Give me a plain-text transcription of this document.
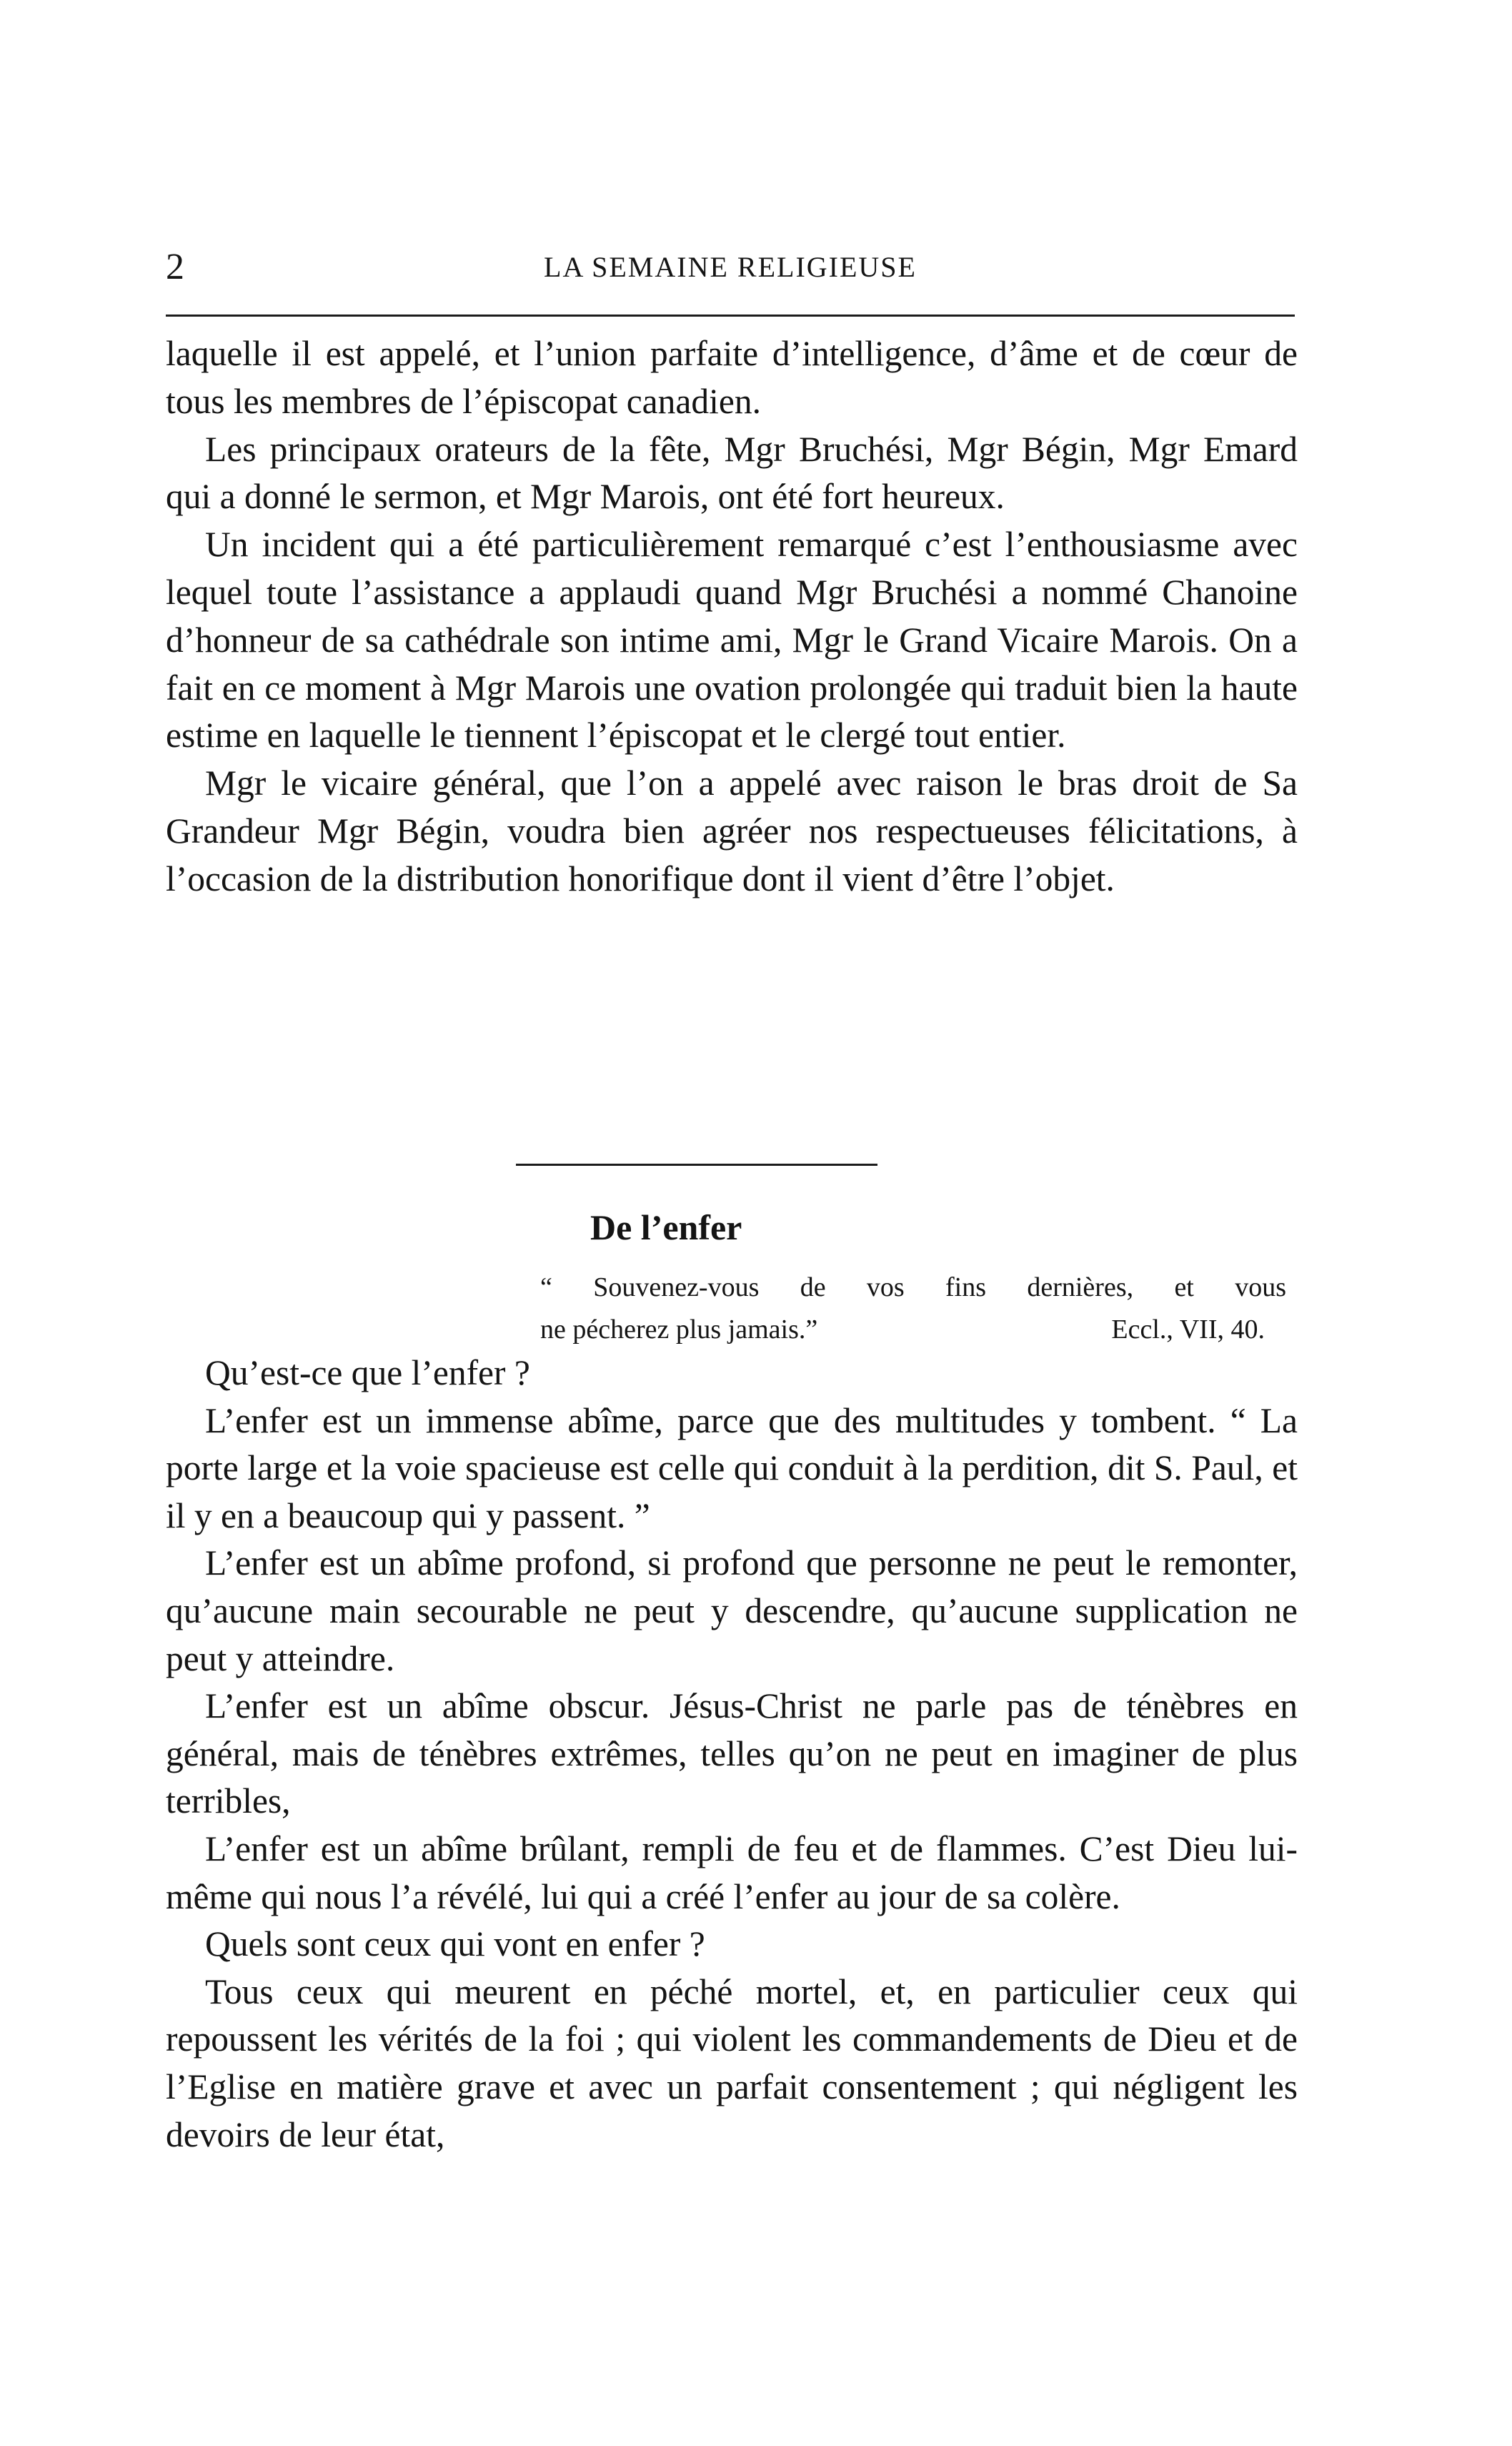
2	LA SEMAINE RELIGIEUSE

laquelle il est appelé, et l’union parfaite d’intelligence, d’âme et de cœur de tous les membres de l’épiscopat canadien.

Les principaux orateurs de la fête, Mgr Bruchési, Mgr Bégin, Mgr Emard qui a donné le sermon, et Mgr Marois, ont été fort heureux.

Un incident qui a été particulièrement remarqué c’est l’enthousiasme avec lequel toute l’assistance a applaudi quand Mgr Bruchési a nommé Chanoine d’honneur de sa cathédrale son intime ami, Mgr le Grand Vicaire Marois. On a fait en ce moment à Mgr Marois une ovation prolongée qui traduit bien la haute estime en laquelle le tiennent l’épiscopat et le clergé tout entier.

Mgr le vicaire général, que l’on a appelé avec raison le bras droit de Sa Grandeur Mgr Bégin, voudra bien agréer nos respectueuses félicitations, à l’occasion de la distribution honorifique dont il vient d’être l’objet.

De l’enfer
“ Souvenez-vous de vos fins dernières, et vous
ne pécherez plus jamais.”	Eccl., VII, 40.

Qu’est-ce que l’enfer ?

L’enfer est un immense abîme, parce que des multitudes y tombent. “ La porte large et la voie spacieuse est celle qui conduit à la perdition, dit S. Paul, et il y en a beaucoup qui y passent. ”

L’enfer est un abîme profond, si profond que personne ne peut le remonter, qu’aucune main secourable ne peut y descendre, qu’aucune supplication ne peut y atteindre.

L’enfer est un abîme obscur. Jésus-Christ ne parle pas de ténèbres en général, mais de ténèbres extrêmes, telles qu’on ne peut en imaginer de plus terribles,

L’enfer est un abîme brûlant, rempli de feu et de flammes. C’est Dieu lui-même qui nous l’a révélé, lui qui a créé l’enfer au jour de sa colère.

Quels sont ceux qui vont en enfer ?

Tous ceux qui meurent en péché mortel, et, en particulier ceux qui repoussent les vérités de la foi ; qui violent les commandements de Dieu et de l’Eglise en matière grave et avec un parfait consentement ; qui négligent les devoirs de leur état,
